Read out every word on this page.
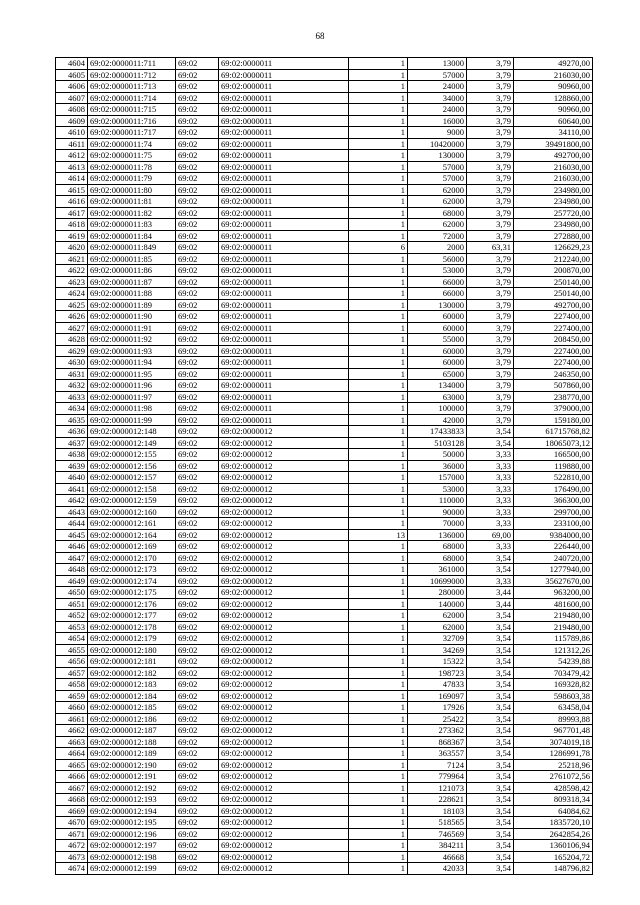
68
4604	69:02:0000011:711	69:02	69:02:0000011	1	13000	3,79	49270,00
4605	69:02:0000011:712	69:02	69:02:0000011	1	57000	3,79	216030,00
4606	69:02:0000011:713	69:02	69:02:0000011	1	24000	3,79	90960,00
4607	69:02:0000011:714	69:02	69:02:0000011	1	34000	3,79	128860,00
4608	69:02:0000011:715	69:02	69:02:0000011	1	24000	3,79	90960,00
4609	69:02:0000011:716	69:02	69:02:0000011	1	16000	3,79	60640,00
4610	69:02:0000011:717	69:02	69:02:0000011	1	9000	3,79	34110,00
4611	69:02:0000011:74	69:02	69:02:0000011	1	10420000	3,79	39491800,00
4612	69:02:0000011:75	69:02	69:02:0000011	1	130000	3,79	492700,00
4613	69:02:0000011:78	69:02	69:02:0000011	1	57000	3,79	216030,00
4614	69:02:0000011:79	69:02	69:02:0000011	1	57000	3,79	216030,00
4615	69:02:0000011:80	69:02	69:02:0000011	1	62000	3,79	234980,00
4616	69:02:0000011:81	69:02	69:02:0000011	1	62000	3,79	234980,00
4617	69:02:0000011:82	69:02	69:02:0000011	1	68000	3,79	257720,00
4618	69:02:0000011:83	69:02	69:02:0000011	1	62000	3,79	234980,00
4619	69:02:0000011:84	69:02	69:02:0000011	1	72000	3,79	272880,00
4620	69:02:0000011:849	69:02	69:02:0000011	6	2000	63,31	126629,23
4621	69:02:0000011:85	69:02	69:02:0000011	1	56000	3,79	212240,00
4622	69:02:0000011:86	69:02	69:02:0000011	1	53000	3,79	200870,00
4623	69:02:0000011:87	69:02	69:02:0000011	1	66000	3,79	250140,00
4624	69:02:0000011:88	69:02	69:02:0000011	1	66000	3,79	250140,00
4625	69:02:0000011:89	69:02	69:02:0000011	1	130000	3,79	492700,00
4626	69:02:0000011:90	69:02	69:02:0000011	1	60000	3,79	227400,00
4627	69:02:0000011:91	69:02	69:02:0000011	1	60000	3,79	227400,00
4628	69:02:0000011:92	69:02	69:02:0000011	1	55000	3,79	208450,00
4629	69:02:0000011:93	69:02	69:02:0000011	1	60000	3,79	227400,00
4630	69:02:0000011:94	69:02	69:02:0000011	1	60000	3,79	227400,00
4631	69:02:0000011:95	69:02	69:02:0000011	1	65000	3,79	246350,00
4632	69:02:0000011:96	69:02	69:02:0000011	1	134000	3,79	507860,00
4633	69:02:0000011:97	69:02	69:02:0000011	1	63000	3,79	238770,00
4634	69:02:0000011:98	69:02	69:02:0000011	1	100000	3,79	379000,00
4635	69:02:0000011:99	69:02	69:02:0000011	1	42000	3,79	159180,00
4636	69:02:0000012:148	69:02	69:02:0000012	1	17433833	3,54	61715768,82
4637	69:02:0000012:149	69:02	69:02:0000012	1	5103128	3,54	18065073,12
4638	69:02:0000012:155	69:02	69:02:0000012	1	50000	3,33	166500,00
4639	69:02:0000012:156	69:02	69:02:0000012	1	36000	3,33	119880,00
4640	69:02:0000012:157	69:02	69:02:0000012	1	157000	3,33	522810,00
4641	69:02:0000012:158	69:02	69:02:0000012	1	53000	3,33	176490,00
4642	69:02:0000012:159	69:02	69:02:0000012	1	110000	3,33	366300,00
4643	69:02:0000012:160	69:02	69:02:0000012	1	90000	3,33	299700,00
4644	69:02:0000012:161	69:02	69:02:0000012	1	70000	3,33	233100,00
4645	69:02:0000012:164	69:02	69:02:0000012	13	136000	69,00	9384000,00
4646	69:02:0000012:169	69:02	69:02:0000012	1	68000	3,33	226440,00
4647	69:02:0000012:170	69:02	69:02:0000012	1	68000	3,54	240720,00
4648	69:02:0000012:173	69:02	69:02:0000012	1	361000	3,54	1277940,00
4649	69:02:0000012:174	69:02	69:02:0000012	1	10699000	3,33	35627670,00
4650	69:02:0000012:175	69:02	69:02:0000012	1	280000	3,44	963200,00
4651	69:02:0000012:176	69:02	69:02:0000012	1	140000	3,44	481600,00
4652	69:02:0000012:177	69:02	69:02:0000012	1	62000	3,54	219480,00
4653	69:02:0000012:178	69:02	69:02:0000012	1	62000	3,54	219480,00
4654	69:02:0000012:179	69:02	69:02:0000012	1	32709	3,54	115789,86
4655	69:02:0000012:180	69:02	69:02:0000012	1	34269	3,54	121312,26
4656	69:02:0000012:181	69:02	69:02:0000012	1	15322	3,54	54239,88
4657	69:02:0000012:182	69:02	69:02:0000012	1	198723	3,54	703479,42
4658	69:02:0000012:183	69:02	69:02:0000012	1	47833	3,54	169328,82
4659	69:02:0000012:184	69:02	69:02:0000012	1	169097	3,54	598603,38
4660	69:02:0000012:185	69:02	69:02:0000012	1	17926	3,54	63458,04
4661	69:02:0000012:186	69:02	69:02:0000012	1	25422	3,54	89993,88
4662	69:02:0000012:187	69:02	69:02:0000012	1	273362	3,54	967701,48
4663	69:02:0000012:188	69:02	69:02:0000012	1	868367	3,54	3074019,18
4664	69:02:0000012:189	69:02	69:02:0000012	1	363557	3,54	1286991,78
4665	69:02:0000012:190	69:02	69:02:0000012	1	7124	3,54	25218,96
4666	69:02:0000012:191	69:02	69:02:0000012	1	779964	3,54	2761072,56
4667	69:02:0000012:192	69:02	69:02:0000012	1	121073	3,54	428598,42
4668	69:02:0000012:193	69:02	69:02:0000012	1	228621	3,54	809318,34
4669	69:02:0000012:194	69:02	69:02:0000012	1	18103	3,54	64084,62
4670	69:02:0000012:195	69:02	69:02:0000012	1	518565	3,54	1835720,10
4671	69:02:0000012:196	69:02	69:02:0000012	1	746569	3,54	2642854,26
4672	69:02:0000012:197	69:02	69:02:0000012	1	384211	3,54	1360106,94
4673	69:02:0000012:198	69:02	69:02:0000012	1	46668	3,54	165204,72
4674	69:02:0000012:199	69:02	69:02:0000012	1	42033	3,54	148796,82
